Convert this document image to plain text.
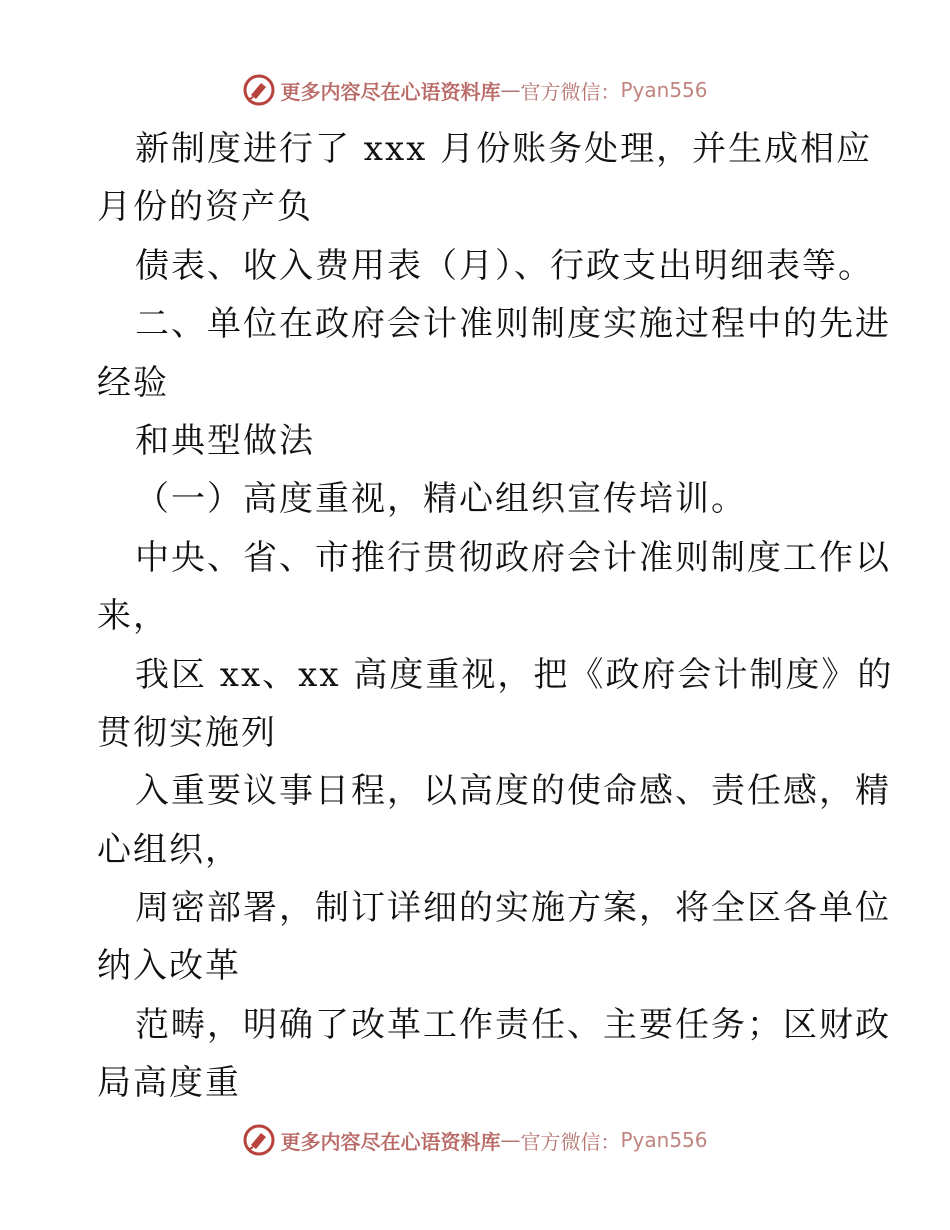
更多内容尽在心语资料库 — 官方微信： Pyan556
新制度进行了 xxx 月份账务处理，并生成相应
月份的资产负
债表、收入费用表（月）、行政支出明细表等。
二、单位在政府会计准则制度实施过程中的先进
经验
和典型做法
（一）高度重视，精心组织宣传培训。
中央、省、市推行贯彻政府会计准则制度工作以
来，
我区 xx、xx 高度重视，把《政府会计制度》的
贯彻实施列
入重要议事日程，以高度的使命感、责任感，精
心组织，
周密部署，制订详细的实施方案，将全区各单位
纳入改革
范畴，明确了改革工作责任、主要任务；区财政
局高度重
更多内容尽在心语资料库 — 官方微信： Pyan556
